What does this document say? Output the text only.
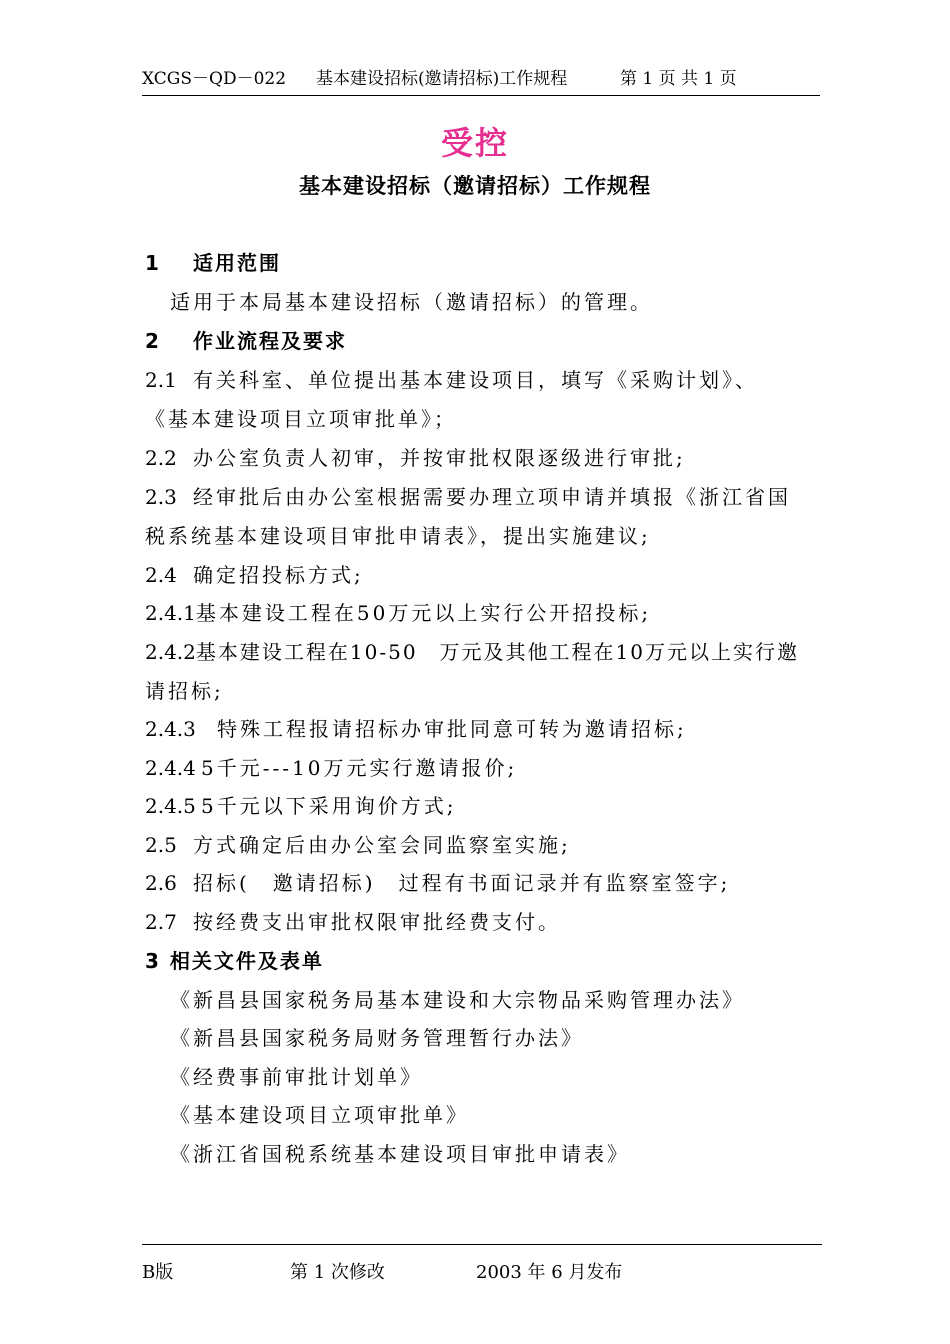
XCGS－QD－022 基本建设招标(邀请招标)工作规程	第 1 页 共 1 页
受控
基本建设招标（邀请招标）工作规程
1 适用范围
适用于本局基本建设招标（邀请招标）的管理。
2 作业流程及要求
2.1 有关科室、单位提出基本建设项目，填写《采购计划》、
《基本建设项目立项审批单》；
2.2 办公室负责人初审，并按审批权限逐级进行审批;
2.3 经审批后由办公室根据需要办理立项申请并填报《浙江省国
税系统基本建设项目审批申请表》，提出实施建议;
2.4 确定招投标方式;
2.4.1基本建设工程在50万元以上实行公开招投标;
2.4.2基本建设工程在10-50　万元及其他工程在10万元以上实行邀
请招标;
2.4.3 特殊工程报请招标办审批同意可转为邀请招标;
2.4.4 5千元---10万元实行邀请报价;
2.4.5 5千元以下采用询价方式;
2.5 方式确定后由办公室会同监察室实施;
2.6 招标(　邀请招标)　过程有书面记录并有监察室签字;
2.7 按经费支出审批权限审批经费支付。
3 相关文件及表单
《新昌县国家税务局基本建设和大宗物品采购管理办法》
《新昌县国家税务局财务管理暂行办法》
《经费事前审批计划单》
《基本建设项目立项审批单》
《浙江省国税系统基本建设项目审批申请表》
B版	第 1 次修改	2003 年 6 月发布
